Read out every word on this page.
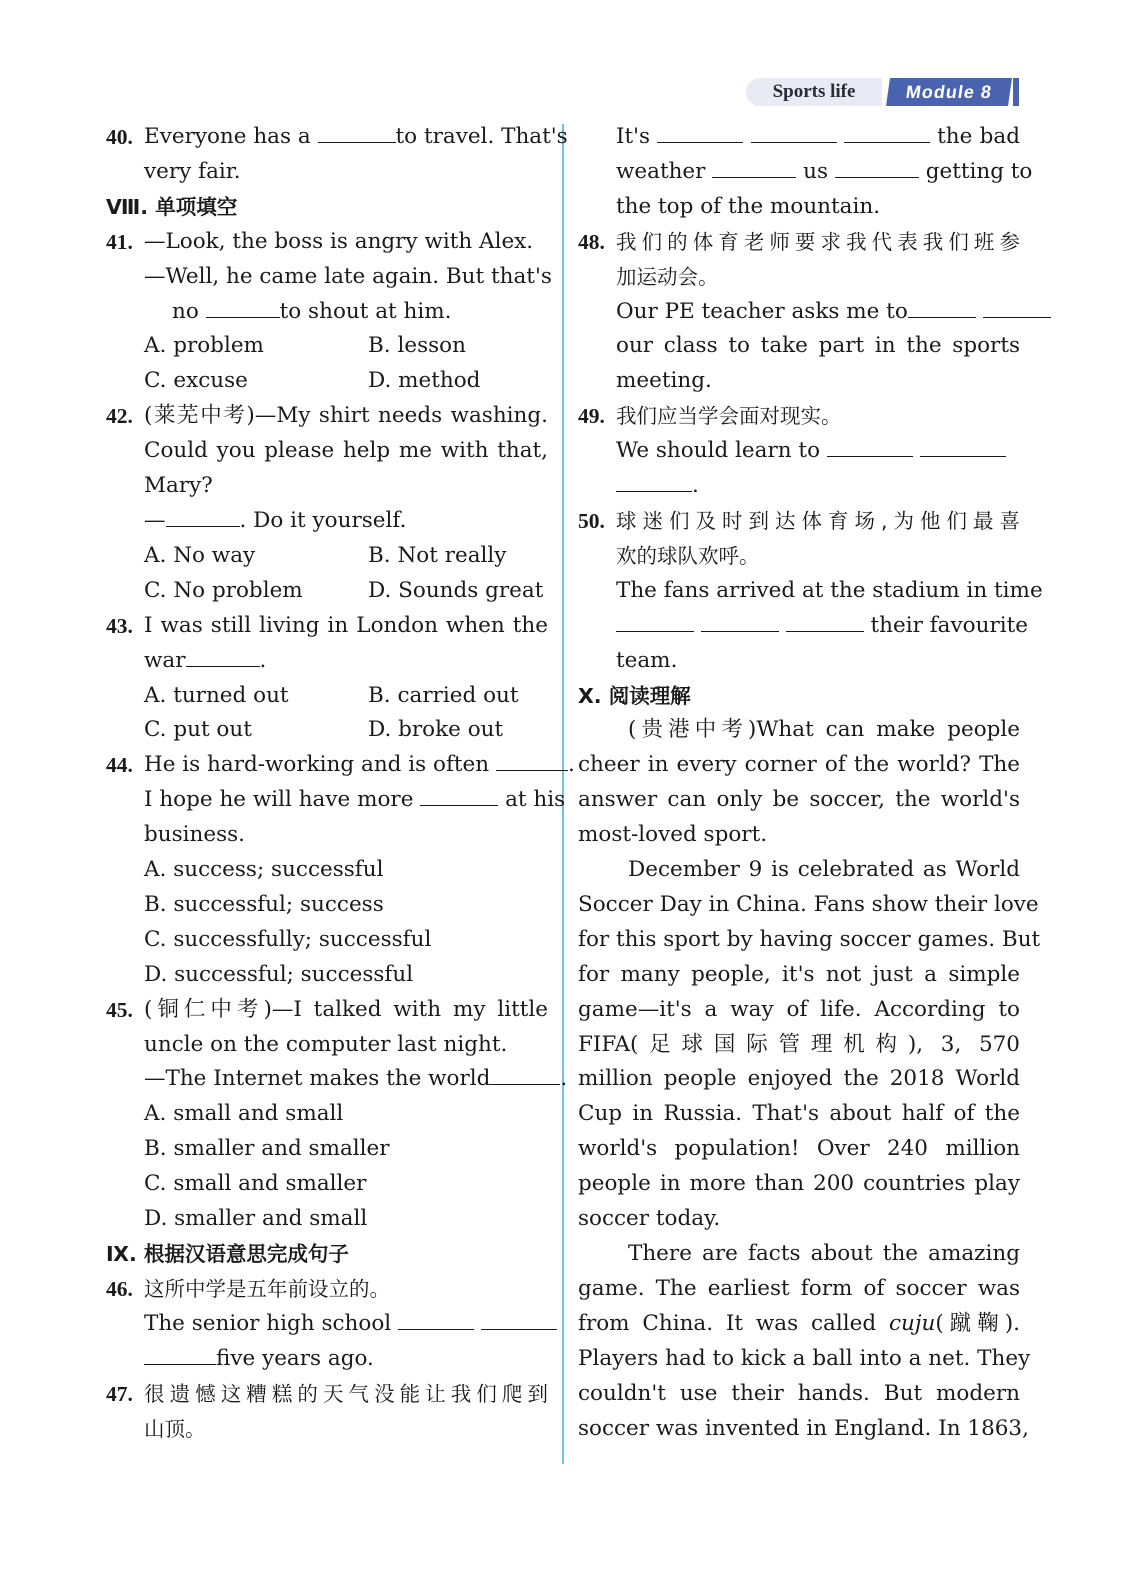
Sports life	Module 8
40. Everyone has a	to travel. That's
very fair.
Ⅷ. 单项填空
41. —Look, the boss is angry with Alex.
—Well, he came late again. But that's
no	to shout at him.
A. problem	B. lesson
C. excuse	D. method
42. (莱芜中考)—My shirt needs washing.
Could you please help me with that,
Mary?
—	. Do it yourself.
A. No way	B. Not really
C. No problem	D. Sounds great
43. I was still living in London when the
war	.
A. turned out	B. carried out
C. put out	D. broke out
44. He is hard-working and is often	.
I hope he will have more	at his
business.
A. success; successful
B. successful; success
C. successfully; successful
D. successful; successful
45. (铜仁中考)—I talked with my little
uncle on the computer last night.
—The Internet makes the world	.
A. small and small
B. smaller and smaller
C. small and smaller
D. smaller and small
Ⅸ. 根据汉语意思完成句子
46. 这所中学是五年前设立的。
The senior high school
five years ago.
47. 很遗憾这糟糕的天气没能让我们爬到
山顶。
It's	the bad
weather	us	getting to
the top of the mountain.
48. 我们的体育老师要求我代表我们班参
加运动会。
Our PE teacher asks me to
our class to take part in the sports
meeting.
49. 我们应当学会面对现实。
We should learn to
.
50. 球迷们及时到达体育场,为他们最喜
欢的球队欢呼。
The fans arrived at the stadium in time
their favourite
team.
Ⅹ. 阅读理解
(贵港中考)What can make people
cheer in every corner of the world? The
answer can only be soccer, the world's
most-loved sport.
December 9 is celebrated as World
Soccer Day in China. Fans show their love
for this sport by having soccer games. But
for many people, it's not just a simple
game—it's a way of life. According to
FIFA(足球国际管理机构), 3, 570
million people enjoyed the 2018 World
Cup in Russia. That's about half of the
world's population! Over 240 million
people in more than 200 countries play
soccer today.
There are facts about the amazing
game. The earliest form of soccer was
from China. It was called cuju(蹴鞠).
Players had to kick a ball into a net. They
couldn't use their hands. But modern
soccer was invented in England. In 1863,
